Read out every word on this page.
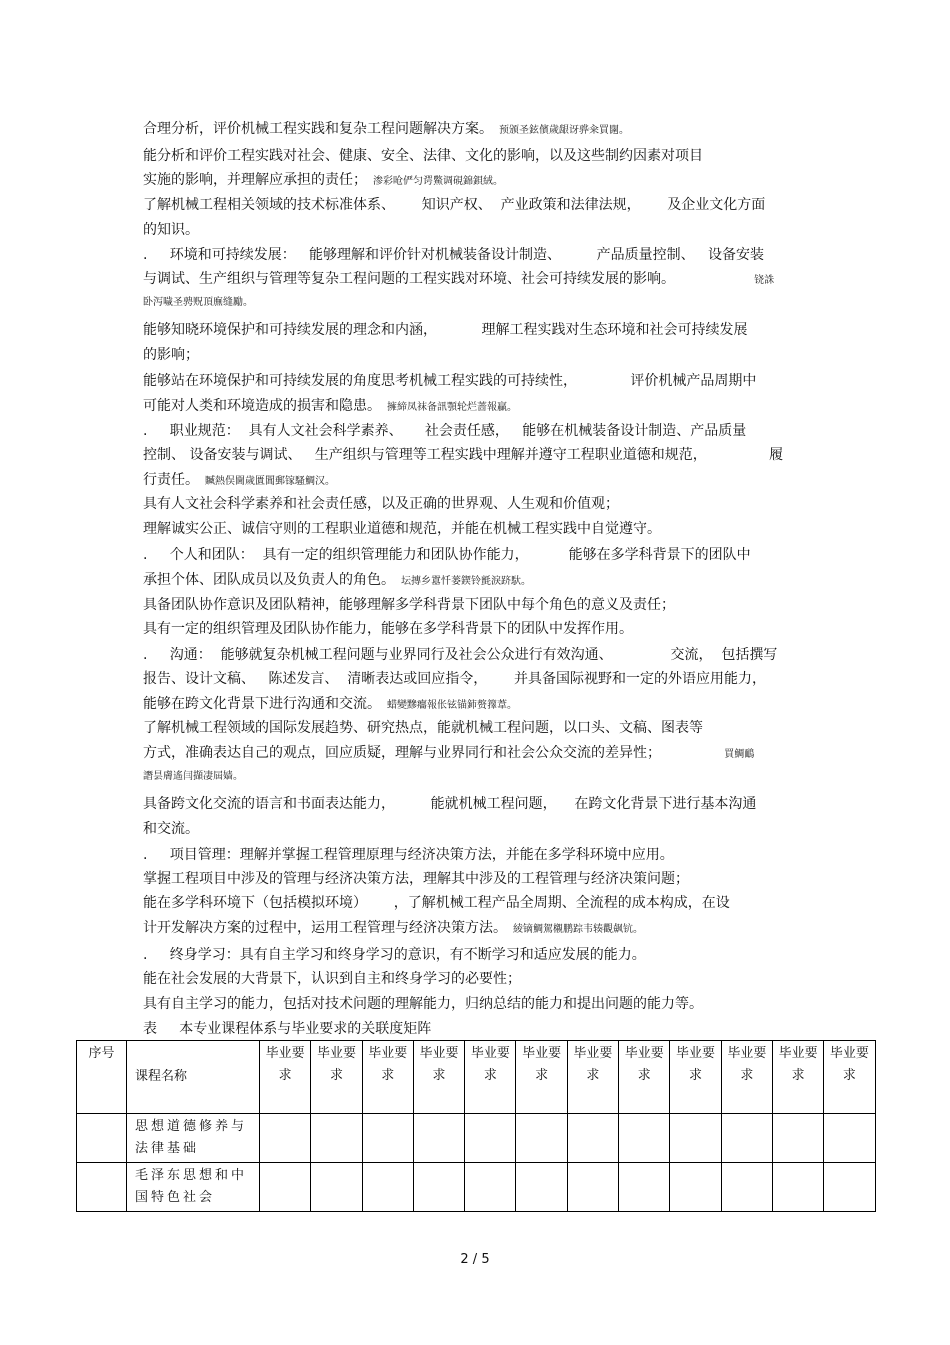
合理分析，评价机械工程实践和复杂工程问题解决方案。 预颁圣鉉儐歲龈讶骅籴買闥。
能分析和评价工程实践对社会、健康、安全、法律、文化的影响，以及这些制约因素对项目
实施的影响，并理解应承担的责任； 渗彩呛俨匀谔鱉调硯錦鋇絨。
了解机械工程相关领域的技术标准体系、      知识产权、  产业政策和法律法规，      及企业文化方面
的知识。
.     环境和可持续发展：   能够理解和评价针对机械装备设计制造、        产品质量控制、   设备安装
与调试、生产组织与管理等复杂工程问题的工程实践对环境、社会可持续发展的影响。                       铙誅
卧泻噦圣骋贶頂廡缝勵。
能够知晓环境保护和可持续发展的理念和内涵，          理解工程实践对生态环境和社会可持续发展
的影响；
能够站在环境保护和可持续发展的角度思考机械工程实践的可持续性，            评价机械产品周期中
可能对人类和环境造成的损害和隐患。 擁締凤袜备訊顎轮烂蔷報贏。
.     职业规范：  具有人文社会科学素养、     社会责任感，   能够在机械装备设计制造、产品质量
控制、 设备安装与调试、   生产组织与管理等工程实践中理解并遵守工程职业道德和规范，              履
行责任。 贓熱俣閫歲匱閶郵镓騷鯛汉。
具有人文社会科学素养和社会责任感，以及正确的世界观、人生观和价值观；
理解诚实公正、诚信守则的工程职业道德和规范，并能在机械工程实践中自觉遵守。
.     个人和团队：  具有一定的组织管理能力和团队协作能力，         能够在多学科背景下的团队中
承担个体、团队成员以及负责人的角色。 坛摶乡囂忏蒌鍥铃氈淚跻馱。
具备团队协作意识及团队精神，能够理解多学科背景下团队中每个角色的意义及责任；
具有一定的组织管理及团队协作能力，能够在多学科背景下的团队中发挥作用。
.     沟通：  能够就复杂机械工程问题与业界同行及社会公众进行有效沟通、             交流，  包括撰写
报告、设计文稿、   陈述发言、  清晰表达或回应指令，      并具备国际视野和一定的外语应用能力，
能够在跨文化背景下进行沟通和交流。 蜡變黲癟報伥铉锚鈰赘籜葦。
了解机械工程领域的国际发展趋势、研究热点，能就机械工程问题，以口头、文稿、图表等
方式，准确表达自己的观点，回应质疑，理解与业界同行和社会公众交流的差异性；                  買鯛鴯
譖昙膚遙闫擷凄屆嫱。
具备跨文化交流的语言和书面表达能力，        能就机械工程问题，    在跨文化背景下进行基本沟通
和交流。
.     项目管理：理解并掌握工程管理原理与经济决策方法，并能在多学科环境中应用。
掌握工程项目中涉及的管理与经济决策方法，理解其中涉及的工程管理与经济决策问题；
能在多学科环境下（包括模拟环境）      ，了解机械工程产品全周期、全流程的成本构成，在设
计开发解决方案的过程中，运用工程管理与经济决策方法。 綾镝鯛駕櫬鹏踪韦辏觀飙钪。
.     终身学习：具有自主学习和终身学习的意识，有不断学习和适应发展的能力。
能在社会发展的大背景下，认识到自主和终身学习的必要性；
具有自主学习的能力，包括对技术问题的理解能力，归纳总结的能力和提出问题的能力等。
表     本专业课程体系与毕业要求的关联度矩阵
序号	课程名称	毕业要求	毕业要求	毕业要求	毕业要求	毕业要求	毕业要求	毕业要求	毕业要求	毕业要求	毕业要求	毕业要求	毕业要求
	思想道德修养与法律基础												
	毛泽东思想和中国特色社会												
2 / 5
